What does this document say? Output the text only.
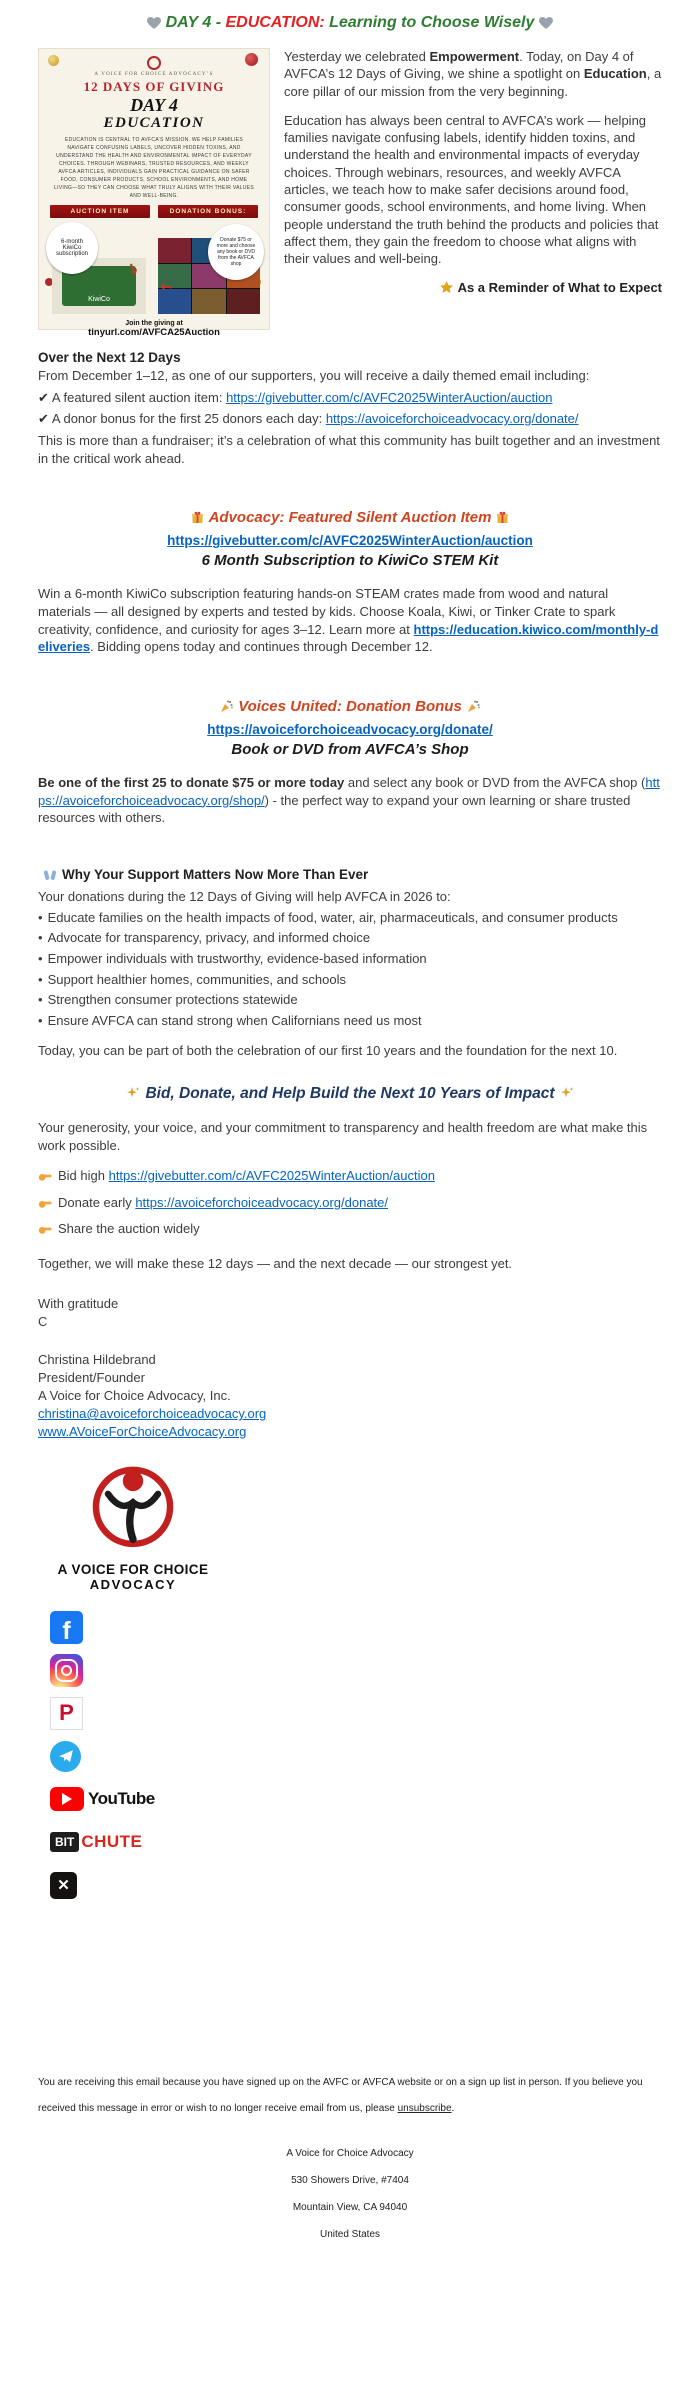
DAY 4 - EDUCATION: Learning to Choose Wisely
A VOICE FOR CHOICE ADVOCACY’S
12 DAYS OF GIVING
DAY 4
EDUCATION
EDUCATION IS CENTRAL TO AVFCA’S MISSION. WE HELP FAMILIES NAVIGATE CONFUSING LABELS, UNCOVER HIDDEN TOXINS, AND UNDERSTAND THE HEALTH AND ENVIRONMENTAL IMPACT OF EVERYDAY CHOICES. THROUGH WEBINARS, TRUSTED RESOURCES, AND WEEKLY AVFCA ARTICLES, INDIVIDUALS GAIN PRACTICAL GUIDANCE ON SAFER FOOD, CONSUMER PRODUCTS, SCHOOL ENVIRONMENTS, AND HOME LIVING—SO THEY CAN CHOOSE WHAT TRULY ALIGNS WITH THEIR VALUES AND WELL-BEING.
AUCTION ITEM	DONATION BONUS:
6-month KiwiCo subscription
➘
KiwiCo
Donate $75 or more and choose any book or DVD from the AVFCA shop
➘
Join the giving at
tinyurl.com/AVFCA25Auction

Yesterday we celebrated Empowerment. Today, on Day 4 of AVFCA’s 12 Days of Giving, we shine a spotlight on Education, a core pillar of our mission from the very beginning.

Education has always been central to AVFCA’s work — helping families navigate confusing labels, identify hidden toxins, and understand the health and environmental impacts of everyday choices. Through webinars, resources, and weekly AVFCA articles, we teach how to make safer decisions around food, consumer goods, school environments, and home living. When people understand the truth behind the products and policies that affect them, they gain the freedom to choose what aligns with their values and well-being.

As a Reminder of What to Expect

Over the Next 12 Days
From December 1–12, as one of our supporters, you will receive a daily themed email including:

✔ A featured silent auction item: https://givebutter.com/c/AVFC2025WinterAuction/auction

✔ A donor bonus for the first 25 donors each day: https://avoiceforchoiceadvocacy.org/donate/

This is more than a fundraiser; it’s a celebration of what this community has built together and an investment in the critical work ahead.

Advocacy: Featured Silent Auction Item
https://givebutter.com/c/AVFC2025WinterAuction/auction
6 Month Subscription to KiwiCo STEM Kit

Win a 6-month KiwiCo subscription featuring hands-on STEAM crates made from wood and natural materials — all designed by experts and tested by kids. Choose Koala, Kiwi, or Tinker Crate to spark creativity, confidence, and curiosity for ages 3–12. Learn more at https://education.kiwico.com/monthly-deliveries. Bidding opens today and continues through December 12.

Voices United: Donation Bonus
https://avoiceforchoiceadvocacy.org/donate/
Book or DVD from AVFCA’s Shop

Be one of the first 25 to donate $75 or more today and select any book or DVD from the AVFCA shop (https://avoiceforchoiceadvocacy.org/shop/) - the perfect way to expand your own learning or share trusted resources with others.

Why Your Support Matters Now More Than Ever
Your donations during the 12 Days of Giving will help AVFCA in 2026 to:

• Educate families on the health impacts of food, water, air, pharmaceuticals, and consumer products

• Advocate for transparency, privacy, and informed choice

• Empower individuals with trustworthy, evidence-based information

• Support healthier homes, communities, and schools

• Strengthen consumer protections statewide

• Ensure AVFCA can stand strong when Californians need us most

Today, you can be part of both the celebration of our first 10 years and the foundation for the next 10.

Bid, Donate, and Help Build the Next 10 Years of Impact

Your generosity, your voice, and your commitment to transparency and health freedom are what make this work possible.

Bid high https://givebutter.com/c/AVFC2025WinterAuction/auction

Donate early https://avoiceforchoiceadvocacy.org/donate/

Share the auction widely

Together, we will make these 12 days — and the next decade — our strongest yet.

With gratitude
C
Christina Hildebrand
President/Founder
A Voice for Choice Advocacy, Inc.
christina@avoiceforchoiceadvocacy.org
www.AVoiceForChoiceAdvocacy.org
A VOICE FOR CHOICE
ADVOCACY
f
P
YouTube
BIT CHUTE
✕

You are receiving this email because you have signed up on the AVFC or AVFCA website or on a sign up list in person. If you believe you received this message in error or wish to no longer receive email from us, please unsubscribe.

A Voice for Choice Advocacy
530 Showers Drive, #7404
Mountain View, CA 94040
United States
